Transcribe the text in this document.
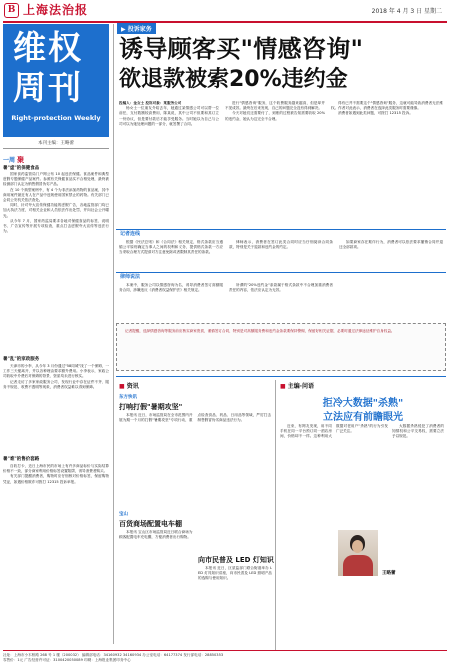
B 上海法治报	2018 年 4 月 3 日 星期二
维权
周刊
Right-protection Weekly
本刊主编：王略蕾
一周 聚
暑"虚"的保健食品

国家食药监管局门户网公布 10 起违法保健。食品案件和典型虚假专题保健产品案件。参照有关保健食品实不合格处理，最终被检测部门认定为销售假冒伪劣产品。

在 10 个典型案例中，有 4 个为非法添加药物的食品案，其中商用案件最近有人在产品中违规使用国家禁止的药物。有关部门已会同公安机关依法查处。

同时，针对夸大宣传保健功能的虚假广告，各地监管部门均已加大执法力度，对相关企业和人员依法作出处罚，并向社会公开曝光。

从今年 7 月，国家药监局要求各地对保健食品的标签、说明书、广告宣传等开展专项检查，重点打击虚假夸大宣传等违法行为。

暑"乱"的家政服务

天津市的小李，从今年 3 月份通过"58同城"找了一个保姆，一工作三天便离开，并以各种理由要求额外费用。小李表示，家政公司收取中介费后对保姆的背景、资质均未进行核实。

记者走访了多家家政服务公司，发现行业中存在证件不齐、服务不规范、收费不透明等现象，消费者权益难以得到保障。

暑"难"的售价套路

自收打卡，近日上海市民的市场上有许多商品标价与实际结算价格不一致，部分商家利用价格标签设置陷阱，诱导消费者购买。

有关部门提醒消费者，购物时应仔细核对价格标签，保留购物凭证，如遇价格欺诈可拨打 12315 投诉举报。

▶ 投诉家务
诱导顾客买"情感咨询"
欲退款被索20%违约金
投稿人：金女士 投诉对象：某服务公司

杨女士一位朋友介绍去年，她通过某情感公司可以帮一位前任，支付数额较高费用，陈某说，其中公司不但要和其订立一份协议，但是要付款后才能享受服务。当时她以为自己与公司可以为她处理问题的一部分，就签署了合同。

进行"情感咨询"服务，这个收费服务越来越高，但是却并不见成效。最终在后来发现，自己的问题完全没有得到解决。

今天对她们还需要付了，到账的过程被告知需要收取 20% 的违约金，她认为这完全不合理。

得有已并不需要这个"情感咨询"服务，这就可能导致消费者无法维权。作者对此表示，消费者在选择此类服务时需要谨慎。

消费者如遇到此类问题，可拨打 12315 投诉。

记者连线

根据《民法总则》和《合同法》相关规定，格式条款应当遵循公平原则确定当事人之间的权利和义务，提供格式条款一方应当采取合理方式提请对方注意免除或者限制其责任的条款。

律师表示，消费者在签订此类合同时应当仔细阅读合同条款，特别是关于退款和违约金的约定。

如果商家存在欺诈行为，消费者可以依法要求撤销合同并退还全部款项。

律师说法

本案中，服务公司以情感咨询为名，诱导消费者签订高额服务合同，涉嫌违反《消费者权益保护法》相关规定。

所谓的"20%违约金"条款属于格式条款中不合理加重消费者责任的内容，依法应认定为无效。

记者提醒，选择情感咨询等服务前应核实商家资质，谨慎签订合同，特别是对高额服务费和违约金条款要保持警惕，保留好相关证据，必要时通过法律途径维护自身权益。
■ 资讯
东方快讯
打响打假"暑期攻坚"

本报讯 近日，市场监管局在全市范围内开展为期一个月的打假"暑期攻坚"专项行动，重点检查食品、药品、日用品等领域，严厉打击制售假冒伪劣商品违法行为。

宝山
百货商场配置电车棚

本报讯 宝山区市场监管局近日联合商场为顾客配置电车充电棚，方便消费者出行购物。

向市民普及 LED 灯知识

本报讯 近日，区质监部门联合街道举办 LED 灯具知识讲座，向市民普及 LED 照明产品的选购与使用知识。

■ 主编·问语
拒冷大数据"杀熟"
立法应有前瞻眼光

近来，有网友发现，用不同手机在同一平台预订同一酒店房间，价格却不一样。这种利用大数据对老用户"杀熟"的行为引发广泛关注。

大数据杀熟侵犯了消费者的知情权和公平交易权，需要立法予以规范。

王略蕾
社址：上海市小木桥路 268 号 1 楼（200032） 编辑部电话：34160932 34160934 办公室电话：64177374 发行部电话：28850353
零售价：1元 广告经营许可证：3100420050089 印刷：上海报业集团印务中心
